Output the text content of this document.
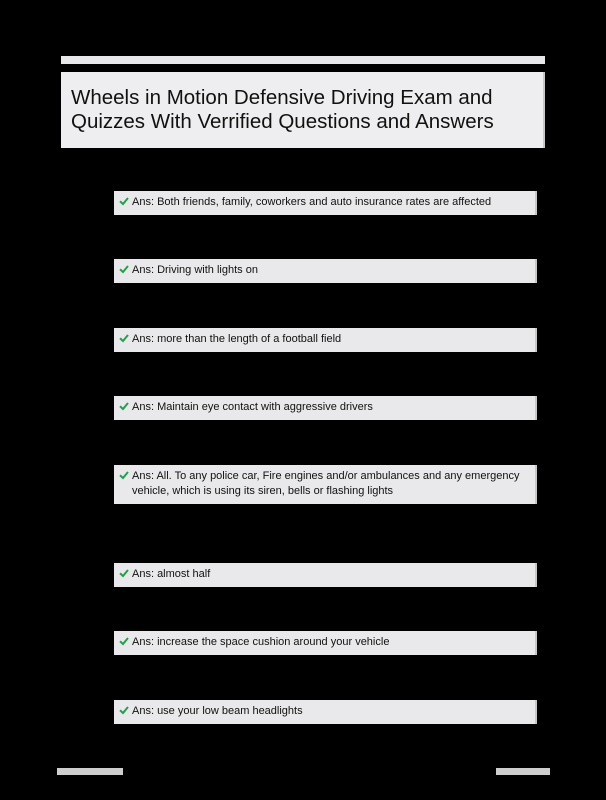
Wheels in Motion Defensive Driving Exam and
Quizzes With Verrified Questions and Answers
Ans: Both friends, family, coworkers and auto insurance rates are affected
Ans: Driving with lights on
Ans: more than the length of a football field
Ans: Maintain eye contact with aggressive drivers
Ans: All. To any police car, Fire engines and/or ambulances and any emergency vehicle, which is using its siren, bells or flashing lights
Ans: almost half
Ans: increase the space cushion around your vehicle
Ans: use your low beam headlights
